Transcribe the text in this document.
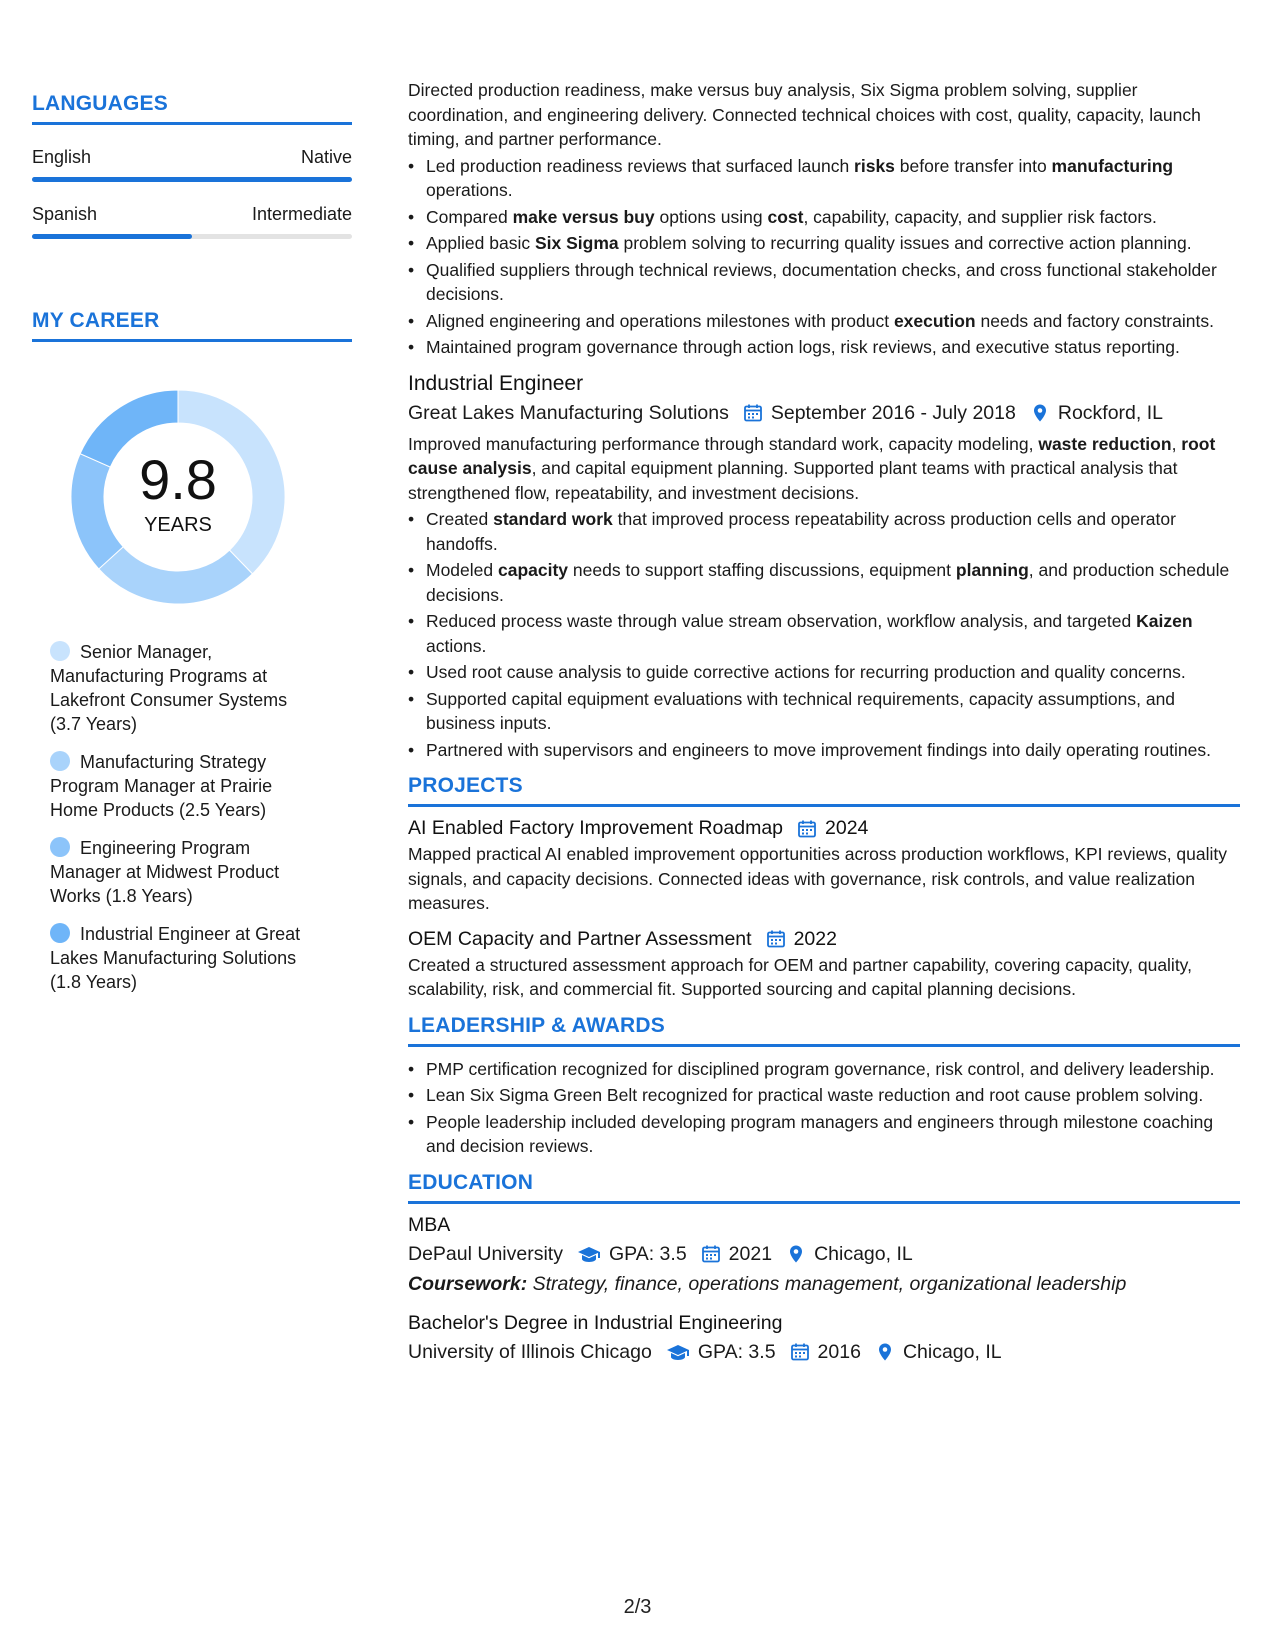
LANGUAGES
English	Native
Spanish	Intermediate
MY CAREER
9.8
YEARS
Senior Manager, Manufacturing Programs at Lakefront Consumer Systems (3.7 Years)
Manufacturing Strategy Program Manager at Prairie Home Products (2.5 Years)
Engineering Program Manager at Midwest Product Works (1.8 Years)
Industrial Engineer at Great Lakes Manufacturing Solutions (1.8 Years)
Directed production readiness, make versus buy analysis, Six Sigma problem solving, supplier coordination, and engineering delivery. Connected technical choices with cost, quality, capacity, launch timing, and partner performance.
• Led production readiness reviews that surfaced launch risks before transfer into manufacturing operations.
• Compared make versus buy options using cost, capability, capacity, and supplier risk factors.
• Applied basic Six Sigma problem solving to recurring quality issues and corrective action planning.
• Qualified suppliers through technical reviews, documentation checks, and cross functional stakeholder decisions.
• Aligned engineering and operations milestones with product execution needs and factory constraints.
• Maintained program governance through action logs, risk reviews, and executive status reporting.
Industrial Engineer
Great Lakes Manufacturing Solutions September 2016 - July 2018 Rockford, IL
Improved manufacturing performance through standard work, capacity modeling, waste reduction, root cause analysis, and capital equipment planning. Supported plant teams with practical analysis that strengthened flow, repeatability, and investment decisions.
• Created standard work that improved process repeatability across production cells and operator handoffs.
• Modeled capacity needs to support staffing discussions, equipment planning, and production schedule decisions.
• Reduced process waste through value stream observation, workflow analysis, and targeted Kaizen actions.
• Used root cause analysis to guide corrective actions for recurring production and quality concerns.
• Supported capital equipment evaluations with technical requirements, capacity assumptions, and business inputs.
• Partnered with supervisors and engineers to move improvement findings into daily operating routines.
PROJECTS
AI Enabled Factory Improvement Roadmap 2024
Mapped practical AI enabled improvement opportunities across production workflows, KPI reviews, quality signals, and capacity decisions. Connected ideas with governance, risk controls, and value realization measures.
OEM Capacity and Partner Assessment 2022
Created a structured assessment approach for OEM and partner capability, covering capacity, quality, scalability, risk, and commercial fit. Supported sourcing and capital planning decisions.
LEADERSHIP & AWARDS
• PMP certification recognized for disciplined program governance, risk control, and delivery leadership.
• Lean Six Sigma Green Belt recognized for practical waste reduction and root cause problem solving.
• People leadership included developing program managers and engineers through milestone coaching and decision reviews.
EDUCATION
MBA
DePaul University GPA: 3.5 2021 Chicago, IL
Coursework: Strategy, finance, operations management, organizational leadership
Bachelor's Degree in Industrial Engineering
University of Illinois Chicago GPA: 3.5 2016 Chicago, IL
2/3
